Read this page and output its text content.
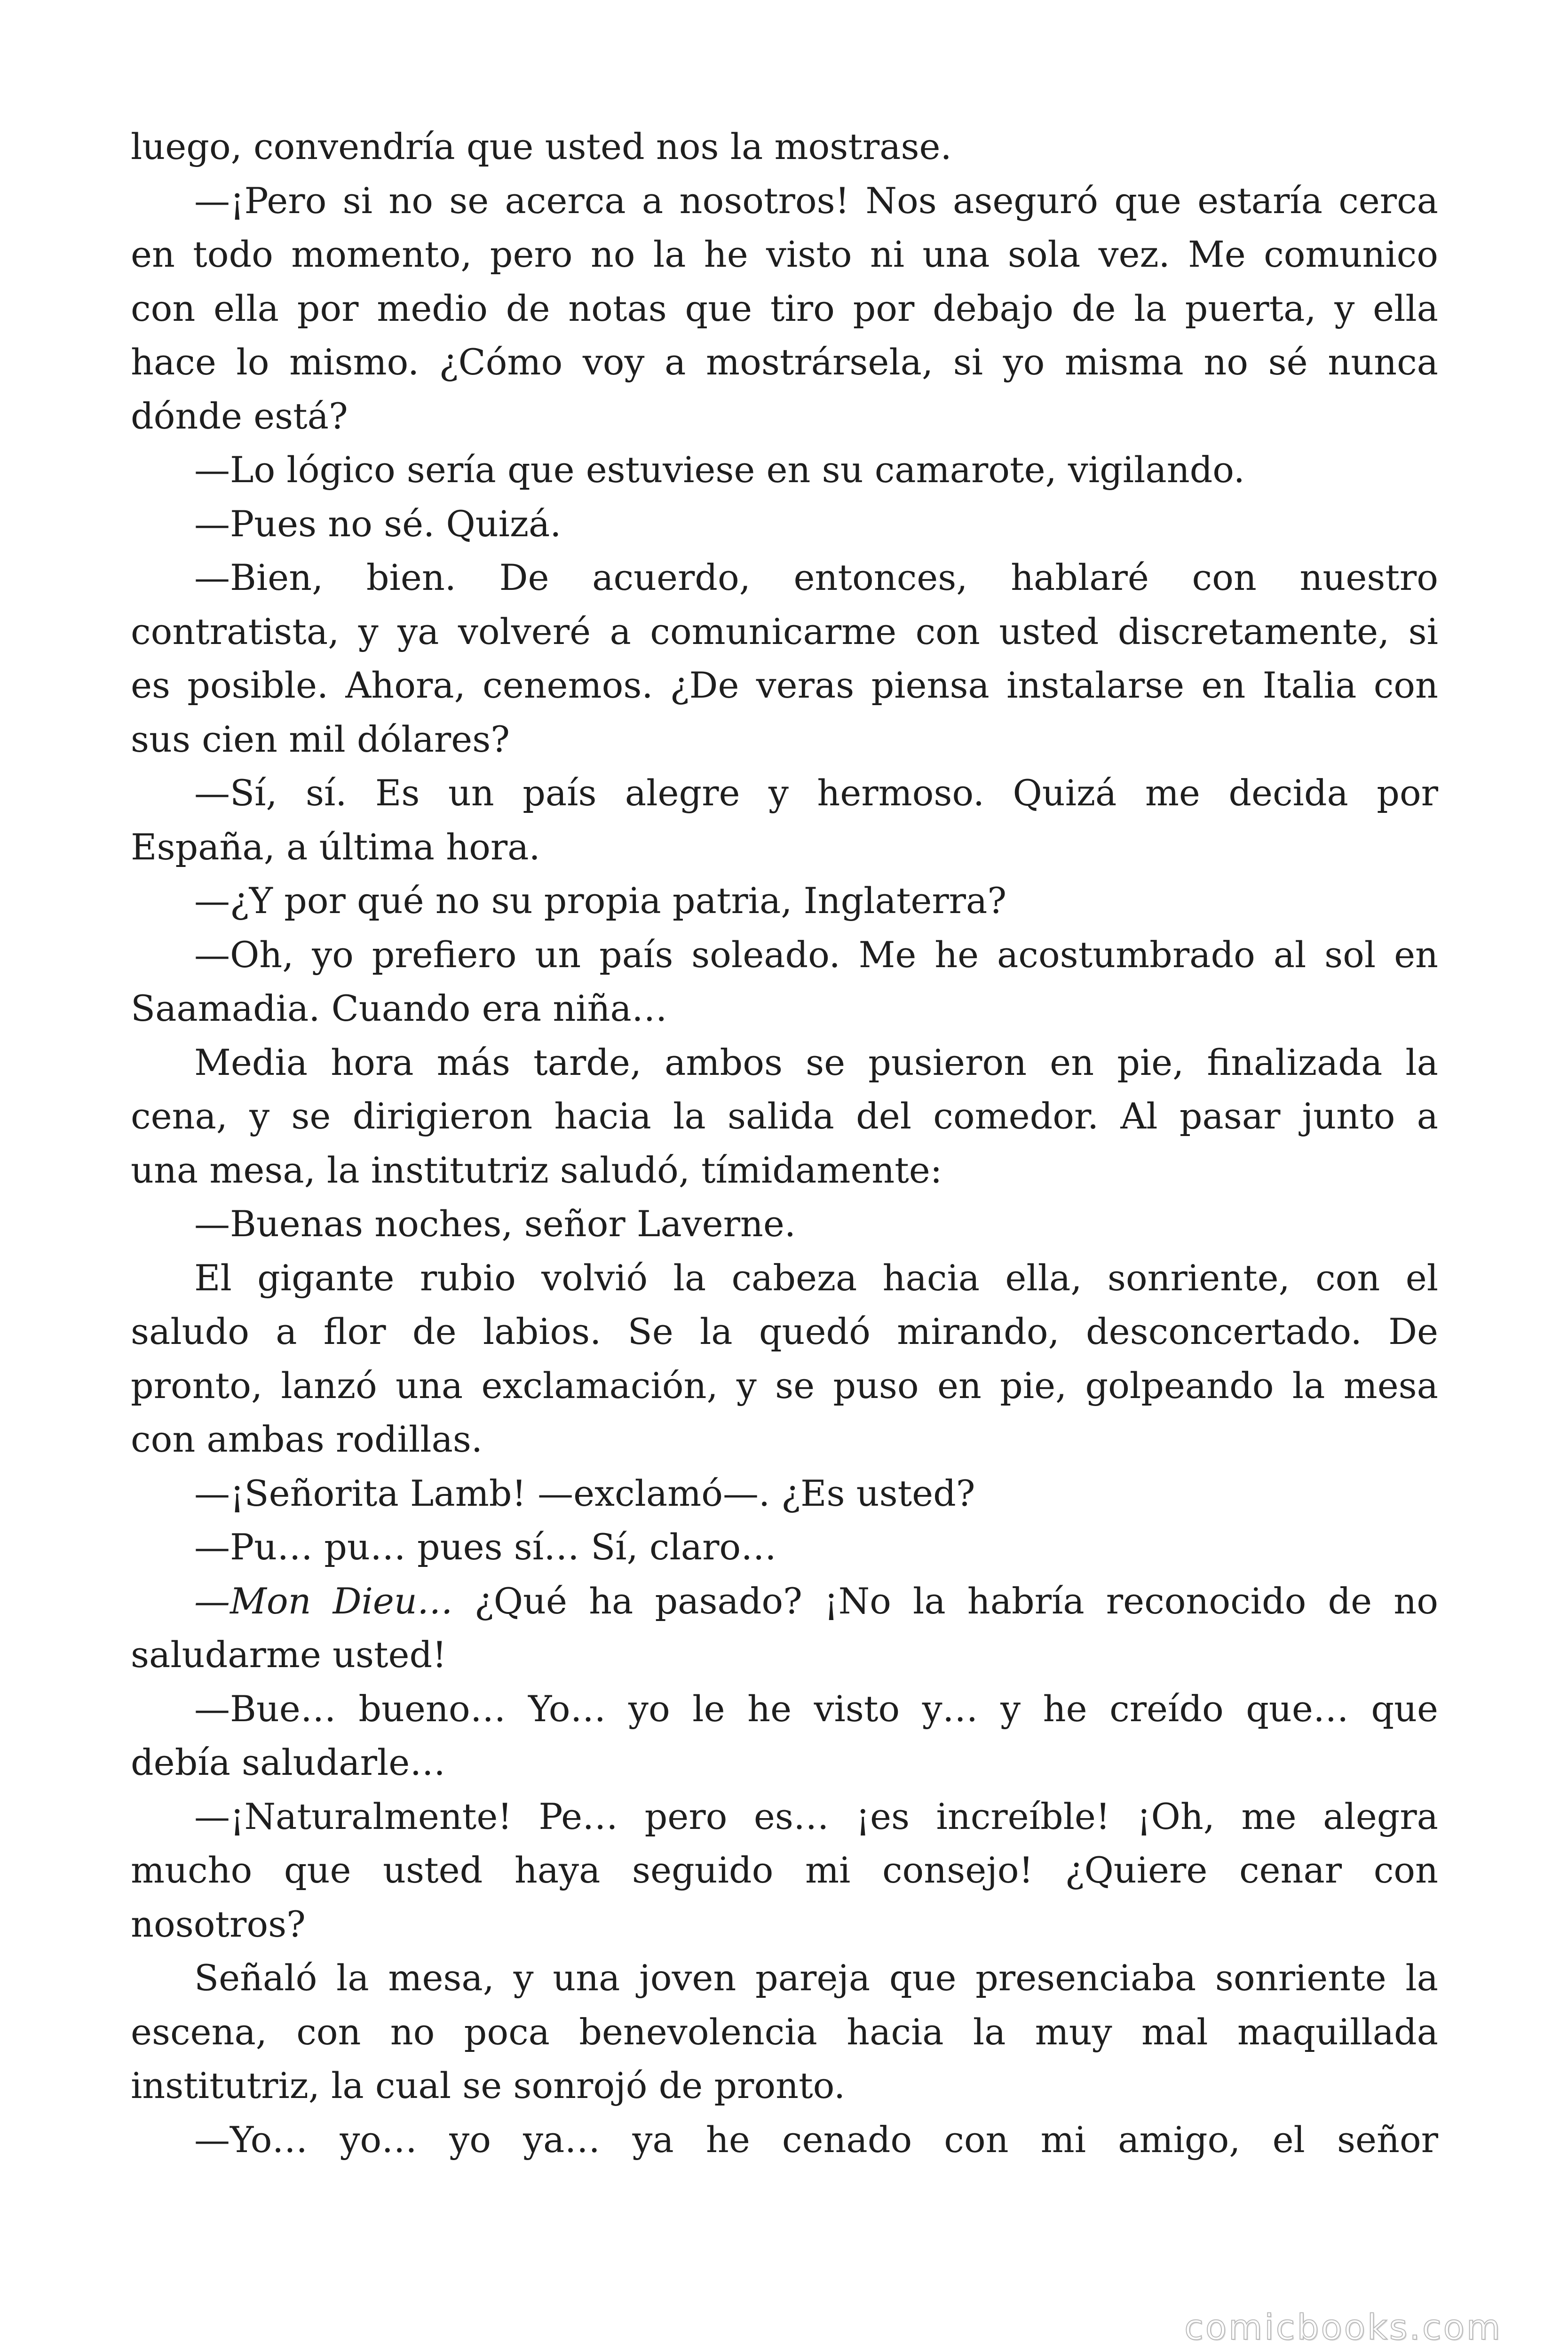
luego, convendría que usted nos la mostrase.
—¡Pero si no se acerca a nosotros! Nos aseguró que estaría cerca
en todo momento, pero no la he visto ni una sola vez. Me comunico
con ella por medio de notas que tiro por debajo de la puerta, y ella
hace lo mismo. ¿Cómo voy a mostrársela, si yo misma no sé nunca
dónde está?
—Lo lógico sería que estuviese en su camarote, vigilando.
—Pues no sé. Quizá.
—Bien, bien. De acuerdo, entonces, hablaré con nuestro
contratista, y ya volveré a comunicarme con usted discretamente, si
es posible. Ahora, cenemos. ¿De veras piensa instalarse en Italia con
sus cien mil dólares?
—Sí, sí. Es un país alegre y hermoso. Quizá me decida por
España, a última hora.
—¿Y por qué no su propia patria, Inglaterra?
—Oh, yo prefiero un país soleado. Me he acostumbrado al sol en
Saamadia. Cuando era niña…
Media hora más tarde, ambos se pusieron en pie, finalizada la
cena, y se dirigieron hacia la salida del comedor. Al pasar junto a
una mesa, la institutriz saludó, tímidamente:
—Buenas noches, señor Laverne.
El gigante rubio volvió la cabeza hacia ella, sonriente, con el
saludo a flor de labios. Se la quedó mirando, desconcertado. De
pronto, lanzó una exclamación, y se puso en pie, golpeando la mesa
con ambas rodillas.
—¡Señorita Lamb! —exclamó—. ¿Es usted?
—Pu… pu… pues sí… Sí, claro…
—Mon Dieu… ¿Qué ha pasado? ¡No la habría reconocido de no
saludarme usted!
—Bue… bueno… Yo… yo le he visto y… y he creído que… que
debía saludarle…
—¡Naturalmente! Pe… pero es… ¡es increíble! ¡Oh, me alegra
mucho que usted haya seguido mi consejo! ¿Quiere cenar con
nosotros?
Señaló la mesa, y una joven pareja que presenciaba sonriente la
escena, con no poca benevolencia hacia la muy mal maquillada
institutriz, la cual se sonrojó de pronto.
—Yo… yo… yo ya… ya he cenado con mi amigo, el señor
comicbooks.com
